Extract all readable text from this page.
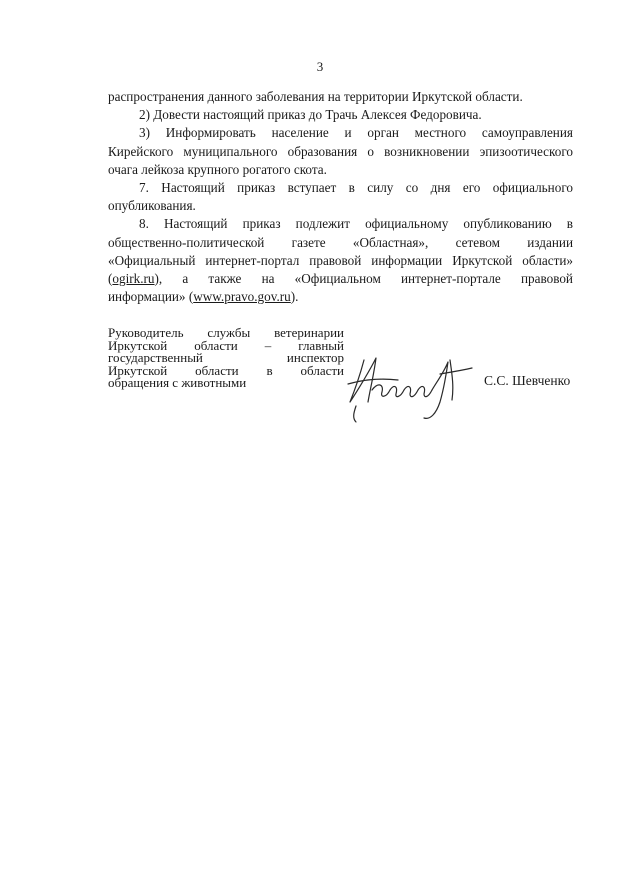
3

распространения данного заболевания на территории Иркутской области.

2) Довести настоящий приказ до Трачь Алексея Федоровича.

3) Информировать население и орган местного самоуправления
Кирейского муниципального образования о возникновении эпизоотического
очага лейкоза крупного рогатого скота.

7. Настоящий приказ вступает в силу со дня его официального
опубликования.

8. Настоящий приказ подлежит официальному опубликованию в
общественно-политической газете «Областная», сетевом издании
«Официальный интернет-портал правовой информации Иркутской области»
(ogirk.ru), а также на «Официальном интернет-портале правовой
информации» (www.pravo.gov.ru).

Руководитель службы ветеринарии
Иркутской области – главный
государственный инспектор
Иркутской области в области
обращения с животными	С.С. Шевченко
